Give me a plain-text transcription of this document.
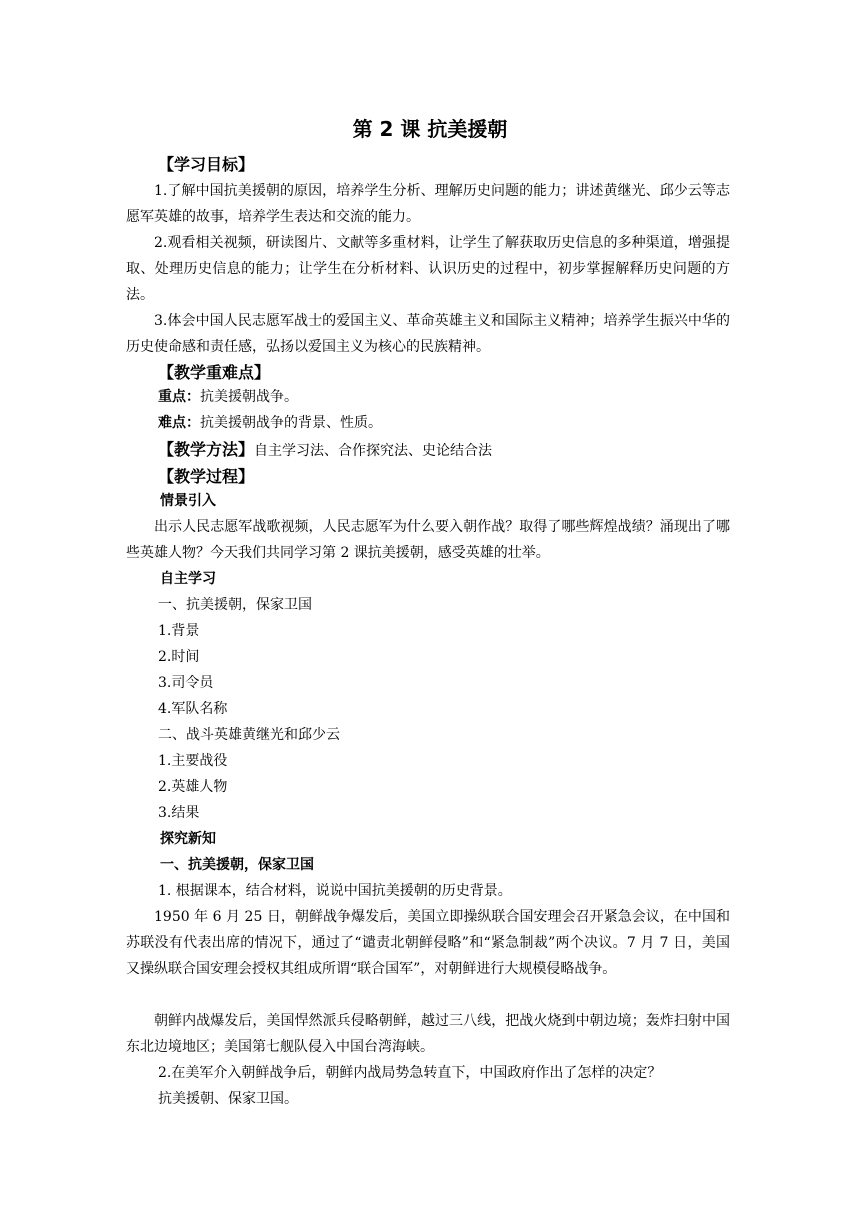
第 2 课 抗美援朝
【学习目标】
1.了解中国抗美援朝的原因，培养学生分析、理解历史问题的能力；讲述黄继光、邱少云等志愿军英雄的故事，培养学生表达和交流的能力。
2.观看相关视频，研读图片、文献等多重材料，让学生了解获取历史信息的多种渠道，增强提取、处理历史信息的能力；让学生在分析材料、认识历史的过程中，初步掌握解释历史问题的方法。
3.体会中国人民志愿军战士的爱国主义、革命英雄主义和国际主义精神；培养学生振兴中华的历史使命感和责任感，弘扬以爱国主义为核心的民族精神。
【教学重难点】
重点：抗美援朝战争。
难点：抗美援朝战争的背景、性质。
【教学方法】自主学习法、合作探究法、史论结合法
【教学过程】
情景引入
出示人民志愿军战歌视频，人民志愿军为什么要入朝作战？取得了哪些辉煌战绩？涌现出了哪些英雄人物？今天我们共同学习第 2 课抗美援朝，感受英雄的壮举。
自主学习
一、抗美援朝，保家卫国
1.背景
2.时间
3.司令员
4.军队名称
二、战斗英雄黄继光和邱少云
1.主要战役
2.英雄人物
3.结果
探究新知
一、抗美援朝，保家卫国
1. 根据课本，结合材料，说说中国抗美援朝的历史背景。
1950 年 6 月 25 日，朝鲜战争爆发后，美国立即操纵联合国安理会召开紧急会议，在中国和苏联没有代表出席的情况下，通过了“谴责北朝鲜侵略”和“紧急制裁”两个决议。7 月 7 日，美国又操纵联合国安理会授权其组成所谓“联合国军”，对朝鲜进行大规模侵略战争。
朝鲜内战爆发后，美国悍然派兵侵略朝鲜，越过三八线，把战火烧到中朝边境；轰炸扫射中国东北边境地区；美国第七舰队侵入中国台湾海峡。
2.在美军介入朝鲜战争后，朝鲜内战局势急转直下，中国政府作出了怎样的决定？
抗美援朝、保家卫国。
